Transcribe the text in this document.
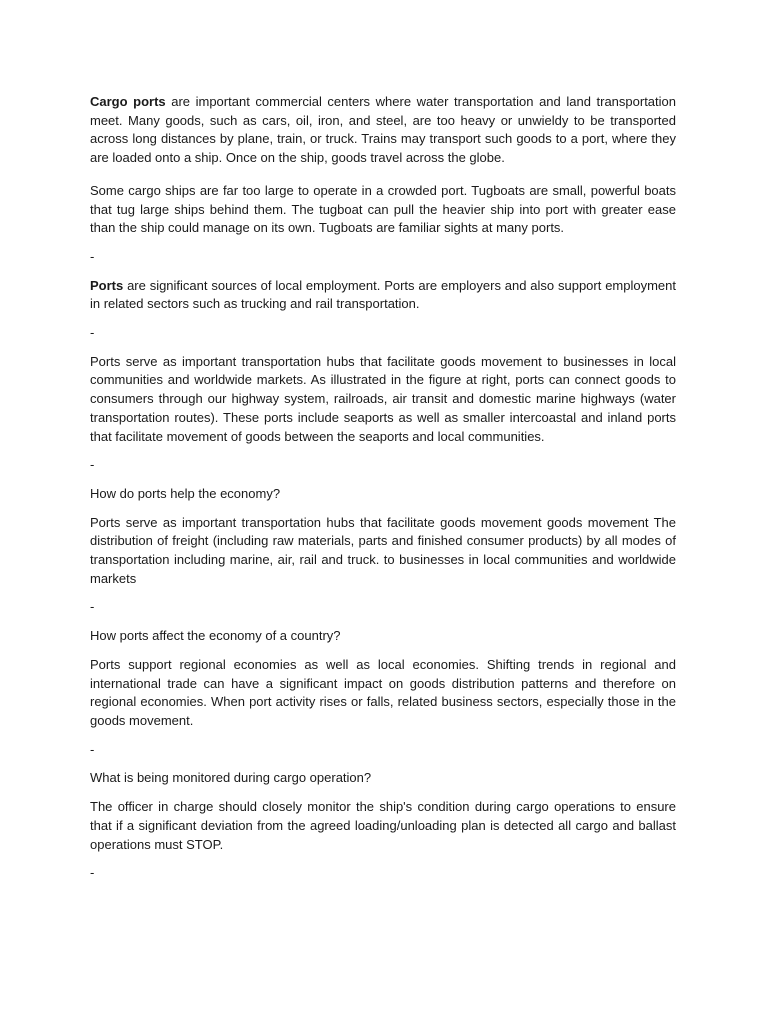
Cargo ports are important commercial centers where water transportation and land transportation meet. Many goods, such as cars, oil, iron, and steel, are too heavy or unwieldy to be transported across long distances by plane, train, or truck. Trains may transport such goods to a port, where they are loaded onto a ship. Once on the ship, goods travel across the globe.

Some cargo ships are far too large to operate in a crowded port. Tugboats are small, powerful boats that tug large ships behind them. The tugboat can pull the heavier ship into port with greater ease than the ship could manage on its own. Tugboats are familiar sights at many ports.

-

Ports are significant sources of local employment. Ports are employers and also support employment in related sectors such as trucking and rail transportation.

-

Ports serve as important transportation hubs that facilitate goods movement to businesses in local communities and worldwide markets. As illustrated in the figure at right, ports can connect goods to consumers through our highway system, railroads, air transit and domestic marine highways (water transportation routes). These ports include seaports as well as smaller intercoastal and inland ports that facilitate movement of goods between the seaports and local communities.

-

How do ports help the economy?

Ports serve as important transportation hubs that facilitate goods movement goods movement The distribution of freight (including raw materials, parts and finished consumer products) by all modes of transportation including marine, air, rail and truck. to businesses in local communities and worldwide markets

-

How ports affect the economy of a country?

Ports support regional economies as well as local economies. Shifting trends in regional and international trade can have a significant impact on goods distribution patterns and therefore on regional economies. When port activity rises or falls, related business sectors, especially those in the goods movement.

-

What is being monitored during cargo operation?

The officer in charge should closely monitor the ship's condition during cargo operations to ensure that if a significant deviation from the agreed loading/unloading plan is detected all cargo and ballast operations must STOP.

-
